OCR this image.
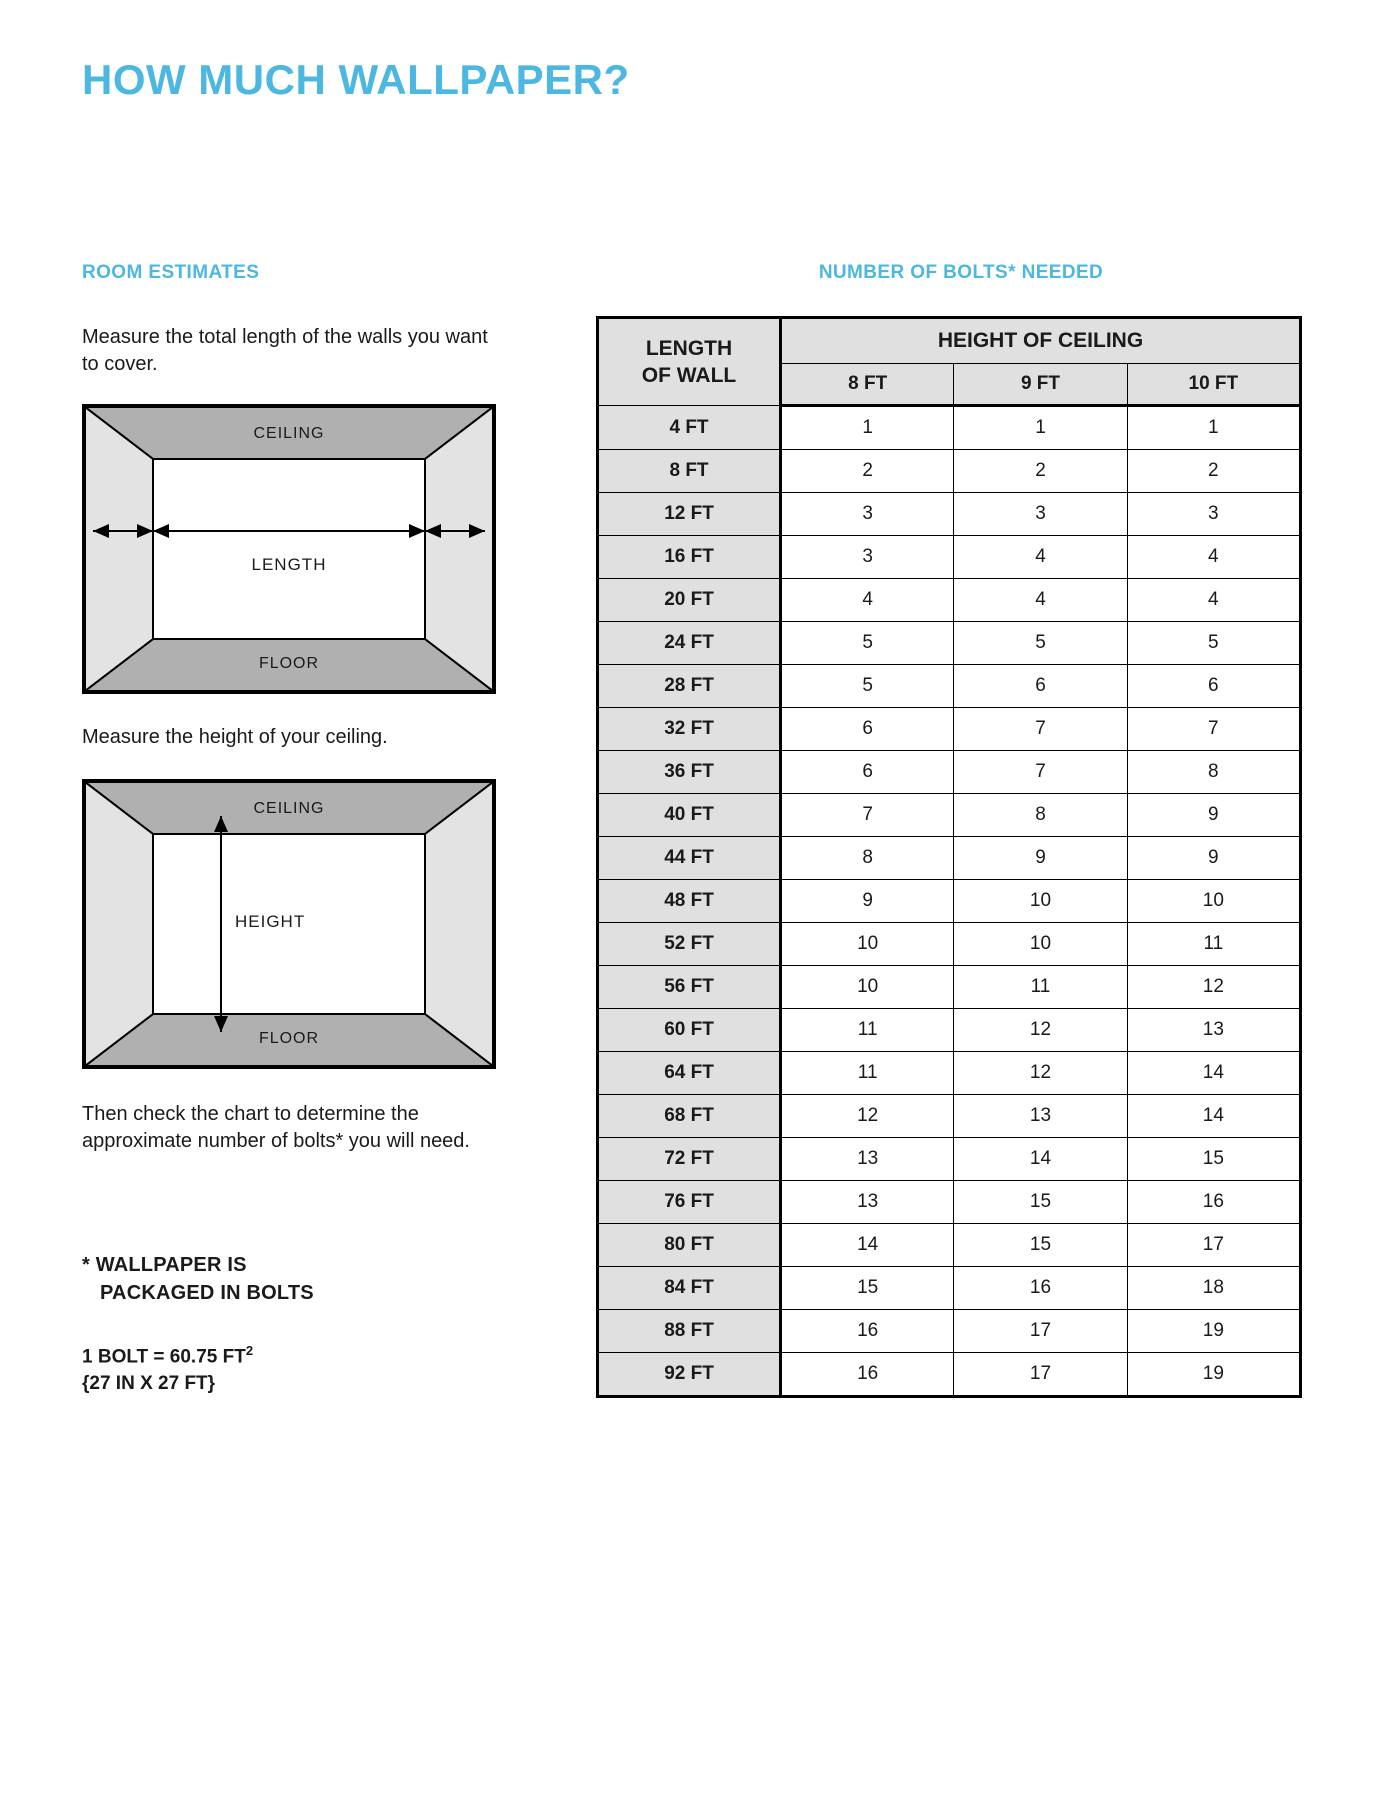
HOW MUCH WALLPAPER?
ROOM ESTIMATES
Measure the total length of the walls you want to cover.
CEILING
FLOOR
LENGTH
Measure the height of your ceiling.
CEILING
FLOOR
HEIGHT
Then check the chart to determine the approximate number of bolts* you will need.
* WALLPAPER IS
PACKAGED IN BOLTS
1 BOLT = 60.75 $FT^2$
{27 IN X 27 FT}
NUMBER OF BOLTS* NEEDED
LENGTH
OF WALL	HEIGHT OF CEILING		
	8 FT	9 FT	10 FT
4 FT	1	1	1
8 FT	2	2	2
12 FT	3	3	3
16 FT	3	4	4
20 FT	4	4	4
24 FT	5	5	5
28 FT	5	6	6
32 FT	6	7	7
36 FT	6	7	8
40 FT	7	8	9
44 FT	8	9	9
48 FT	9	10	10
52 FT	10	10	11
56 FT	10	11	12
60 FT	11	12	13
64 FT	11	12	14
68 FT	12	13	14
72 FT	13	14	15
76 FT	13	15	16
80 FT	14	15	17
84 FT	15	16	18
88 FT	16	17	19
92 FT	16	17	19
